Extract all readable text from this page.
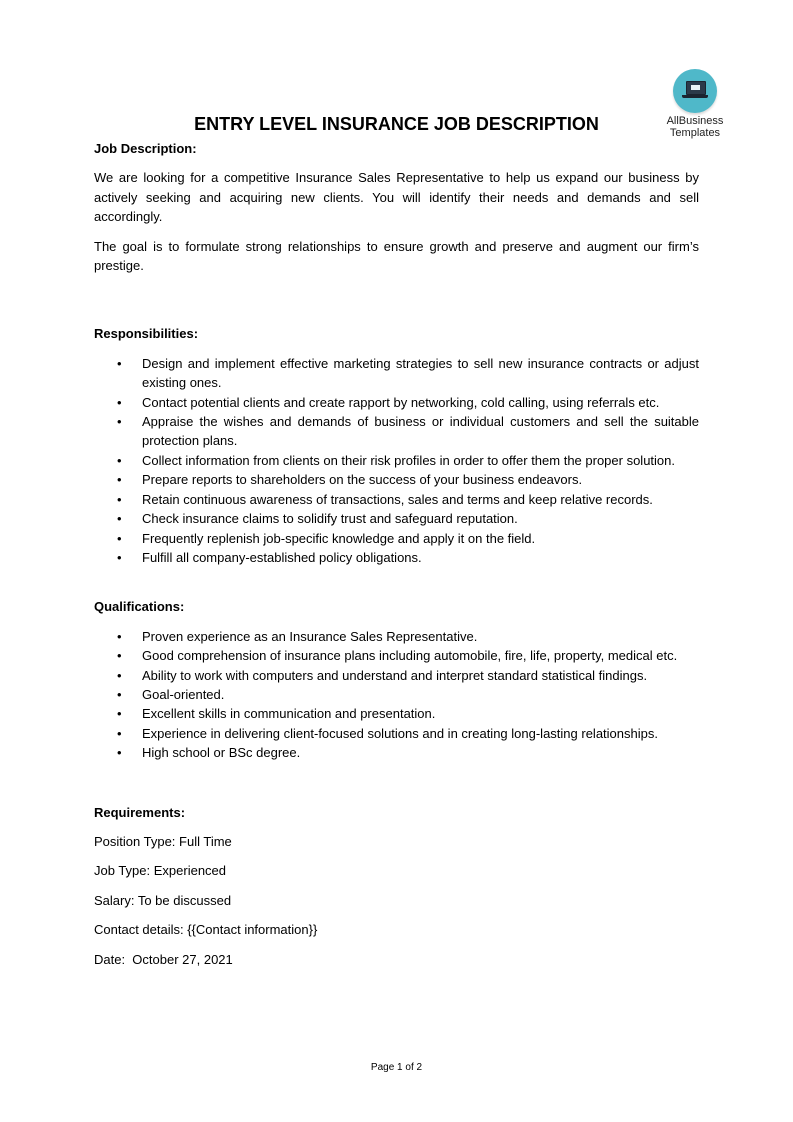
AllBusiness
Templates
ENTRY LEVEL INSURANCE JOB DESCRIPTION
Job Description:

We are looking for a competitive Insurance Sales Representative to help us expand our business by actively seeking and acquiring new clients. You will identify their needs and demands and sell accordingly.

The goal is to formulate strong relationships to ensure growth and preserve and augment our firm’s prestige.

Responsibilities:
• Design and implement effective marketing strategies to sell new insurance contracts or adjust existing ones.
• Contact potential clients and create rapport by networking, cold calling, using referrals etc.
• Appraise the wishes and demands of business or individual customers and sell the suitable protection plans.
• Collect information from clients on their risk profiles in order to offer them the proper solution.
• Prepare reports to shareholders on the success of your business endeavors.
• Retain continuous awareness of transactions, sales and terms and keep relative records.
• Check insurance claims to solidify trust and safeguard reputation.
• Frequently replenish job-specific knowledge and apply it on the field.
• Fulfill all company-established policy obligations.
Qualifications:
• Proven experience as an Insurance Sales Representative.
• Good comprehension of insurance plans including automobile, fire, life, property, medical etc.
• Ability to work with computers and understand and interpret standard statistical findings.
• Goal-oriented.
• Excellent skills in communication and presentation.
• Experience in delivering client-focused solutions and in creating long-lasting relationships.
• High school or BSc degree.
Requirements:

Position Type: Full Time

Job Type: Experienced

Salary: To be discussed

Contact details: {{Contact information}}

Date:  October 27, 2021

Page 1 of 2
